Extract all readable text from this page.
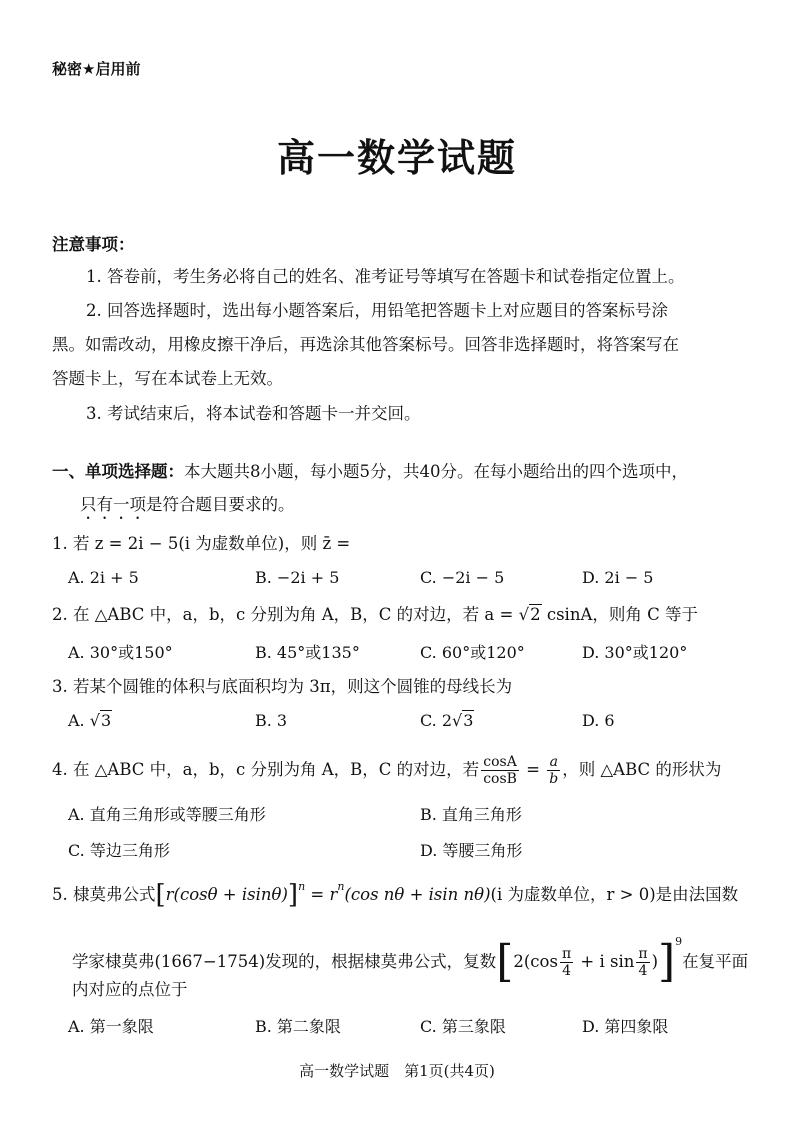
秘密★启用前
高一数学试题
注意事项：
1. 答卷前，考生务必将自己的姓名、准考证号等填写在答题卡和试卷指定位置上。
2. 回答选择题时，选出每小题答案后，用铅笔把答题卡上对应题目的答案标号涂
黑。如需改动，用橡皮擦干净后，再选涂其他答案标号。回答非选择题时，将答案写在
答题卡上，写在本试卷上无效。
3. 考试结束后，将本试卷和答题卡一并交回。
一、单项选择题：本大题共8小题，每小题5分，共40分。在每小题给出的四个选项中，
只有一项是符合题目要求的。
1. 若 z = 2i − 5(i 为虚数单位)，则 z̄ =
A. 2i + 5	B. −2i + 5	C. −2i − 5	D. 2i − 5
2. 在 △ABC 中，a，b，c 分别为角 A，B，C 的对边，若 a = √2 csinA，则角 C 等于
A. 30°或150°	B. 45°或135°	C. 60°或120°	D. 30°或120°
3. 若某个圆锥的体积与底面积均为 3π，则这个圆锥的母线长为
A. √3	B. 3	C. 2√3	D. 6
4. 在 △ABC 中，a，b，c 分别为角 A，B，C 的对边，若 $\frac{\cos A}{\cos B} = \frac{a}{b}$ ，则 △ABC 的形状为
A. 直角三角形或等腰三角形	B. 直角三角形
C. 等边三角形	D. 等腰三角形
5. 棣莫弗公式$[r(\cos\theta + isin\theta)]^n = r^n(\cos$ nθ + isin nθ)(i 为虚数单位，r > 0)是由法国数
学家棣莫弗(1667−1754)发现的，根据棣莫弗公式，复数[$2(\cos \frac{\pi}{4} + i$ $\sin \frac{\pi}{4} )]^9$在复平面
内对应的点位于
A. 第一象限	B. 第二象限	C. 第三象限	D. 第四象限
高一数学试题　第1页(共4页)
